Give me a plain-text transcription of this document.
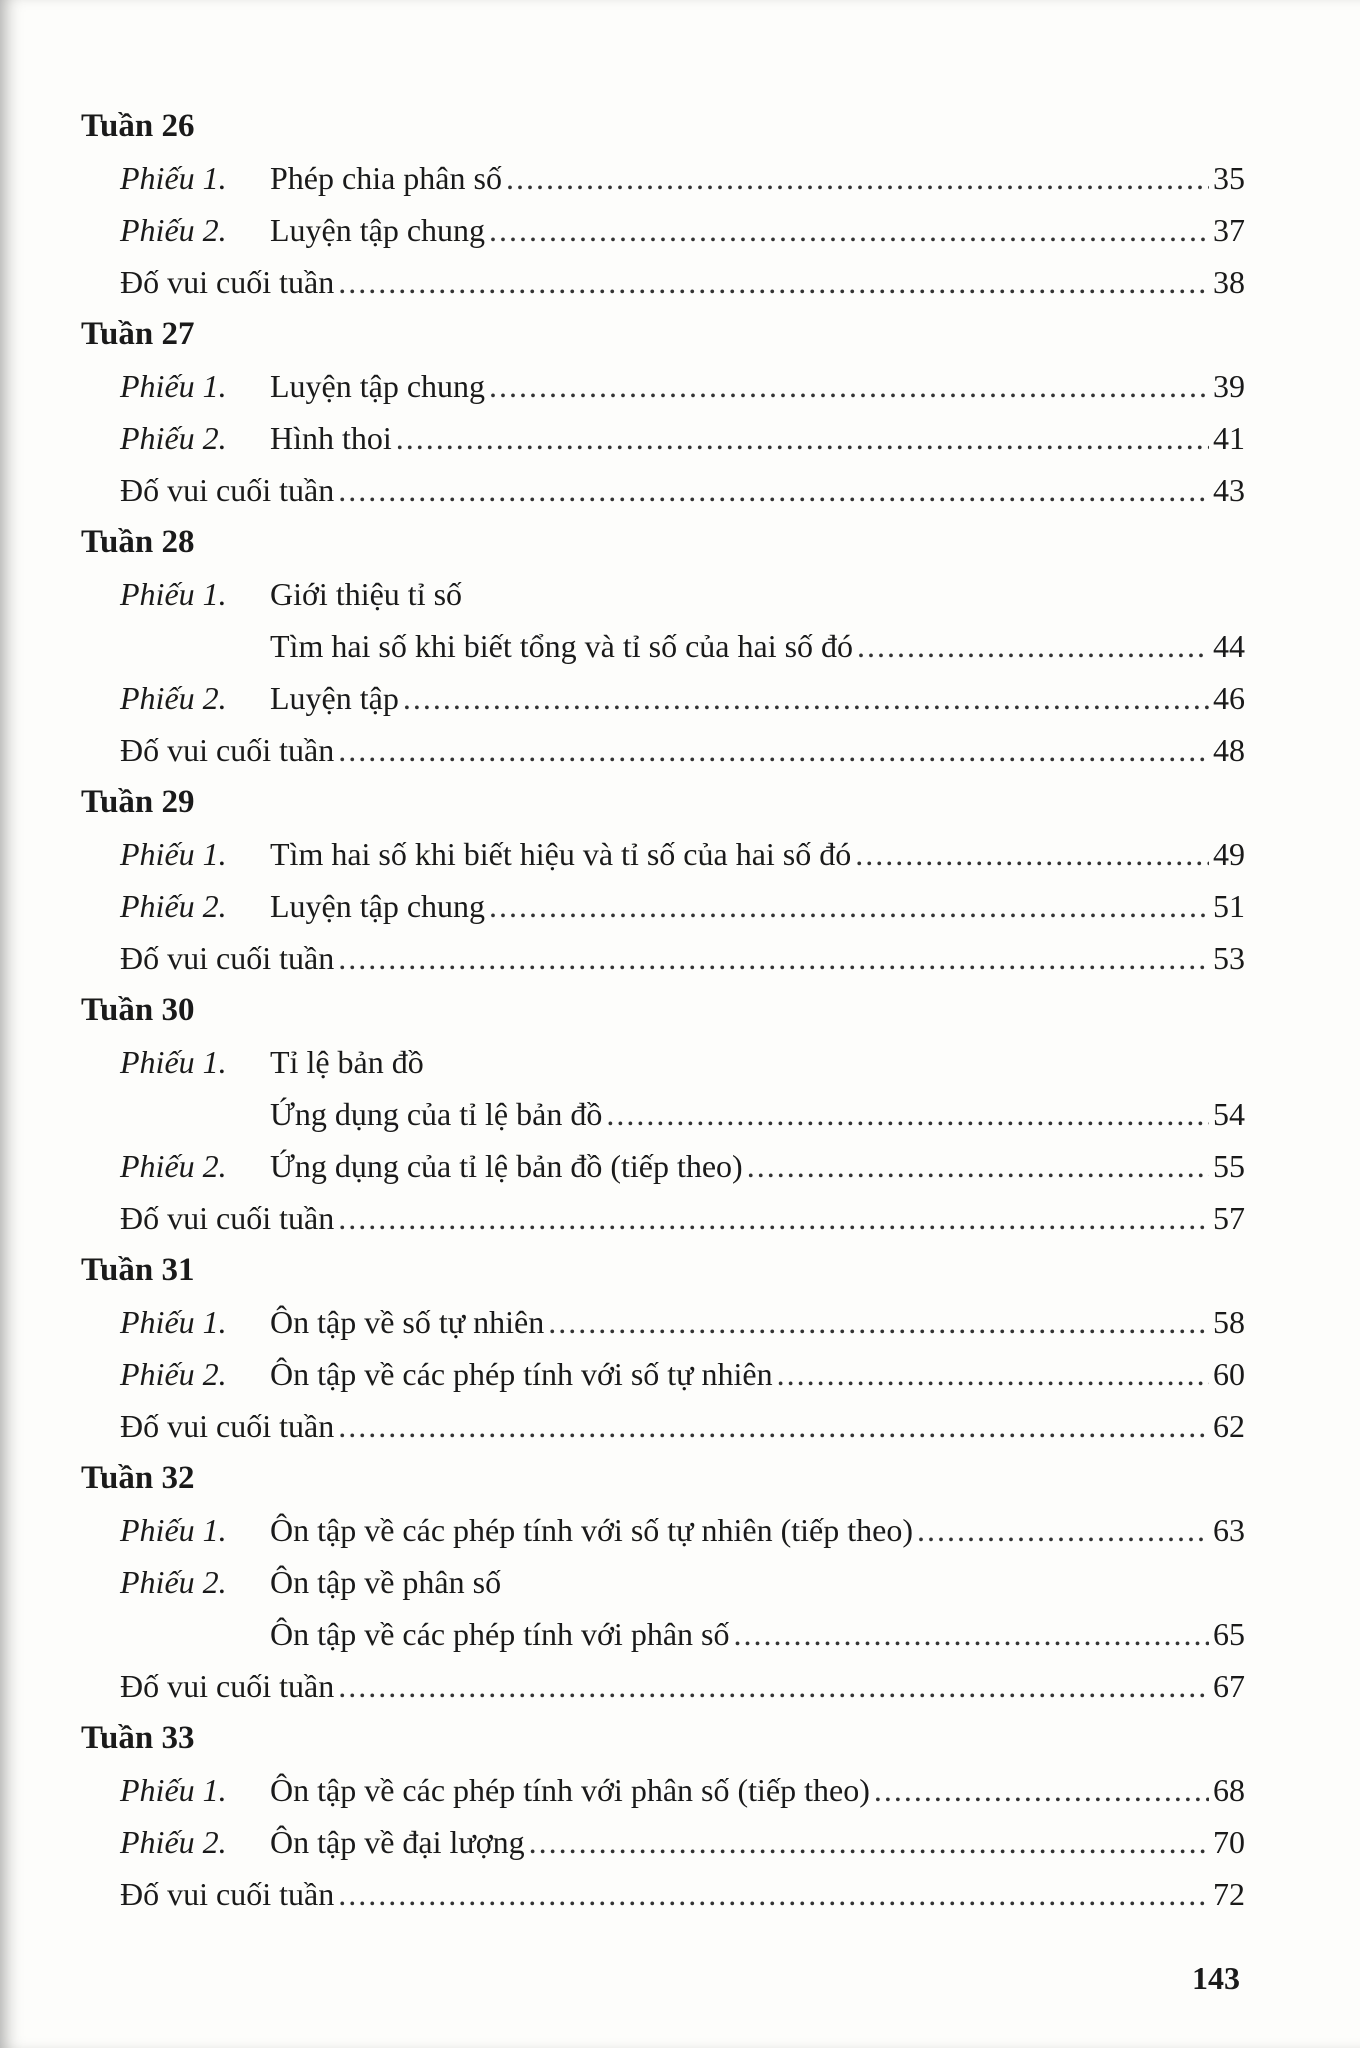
Tuần 26
Phiếu 1.	Phép chia phân số .....	35
Phiếu 2.	Luyện tập chung .....	37
Đố vui cuối tuần .....	38
Tuần 27
Phiếu 1.	Luyện tập chung .....	39
Phiếu 2.	Hình thoi .....	41
Đố vui cuối tuần .....	43
Tuần 28
Phiếu 1.	Giới thiệu tỉ số
Tìm hai số khi biết tổng và tỉ số của hai số đó .....	44
Phiếu 2.	Luyện tập .....	46
Đố vui cuối tuần .....	48
Tuần 29
Phiếu 1.	Tìm hai số khi biết hiệu và tỉ số của hai số đó .....	49
Phiếu 2.	Luyện tập chung .....	51
Đố vui cuối tuần .....	53
Tuần 30
Phiếu 1.	Tỉ lệ bản đồ
Ứng dụng của tỉ lệ bản đồ .....	54
Phiếu 2.	Ứng dụng của tỉ lệ bản đồ (tiếp theo) .....	55
Đố vui cuối tuần .....	57
Tuần 31
Phiếu 1.	Ôn tập về số tự nhiên .....	58
Phiếu 2.	Ôn tập về các phép tính với số tự nhiên .....	60
Đố vui cuối tuần .....	62
Tuần 32
Phiếu 1.	Ôn tập về các phép tính với số tự nhiên (tiếp theo) .....	63
Phiếu 2.	Ôn tập về phân số
Ôn tập về các phép tính với phân số .....	65
Đố vui cuối tuần .....	67
Tuần 33
Phiếu 1.	Ôn tập về các phép tính với phân số (tiếp theo) .....	68
Phiếu 2.	Ôn tập về đại lượng .....	70
Đố vui cuối tuần .....	72
143
